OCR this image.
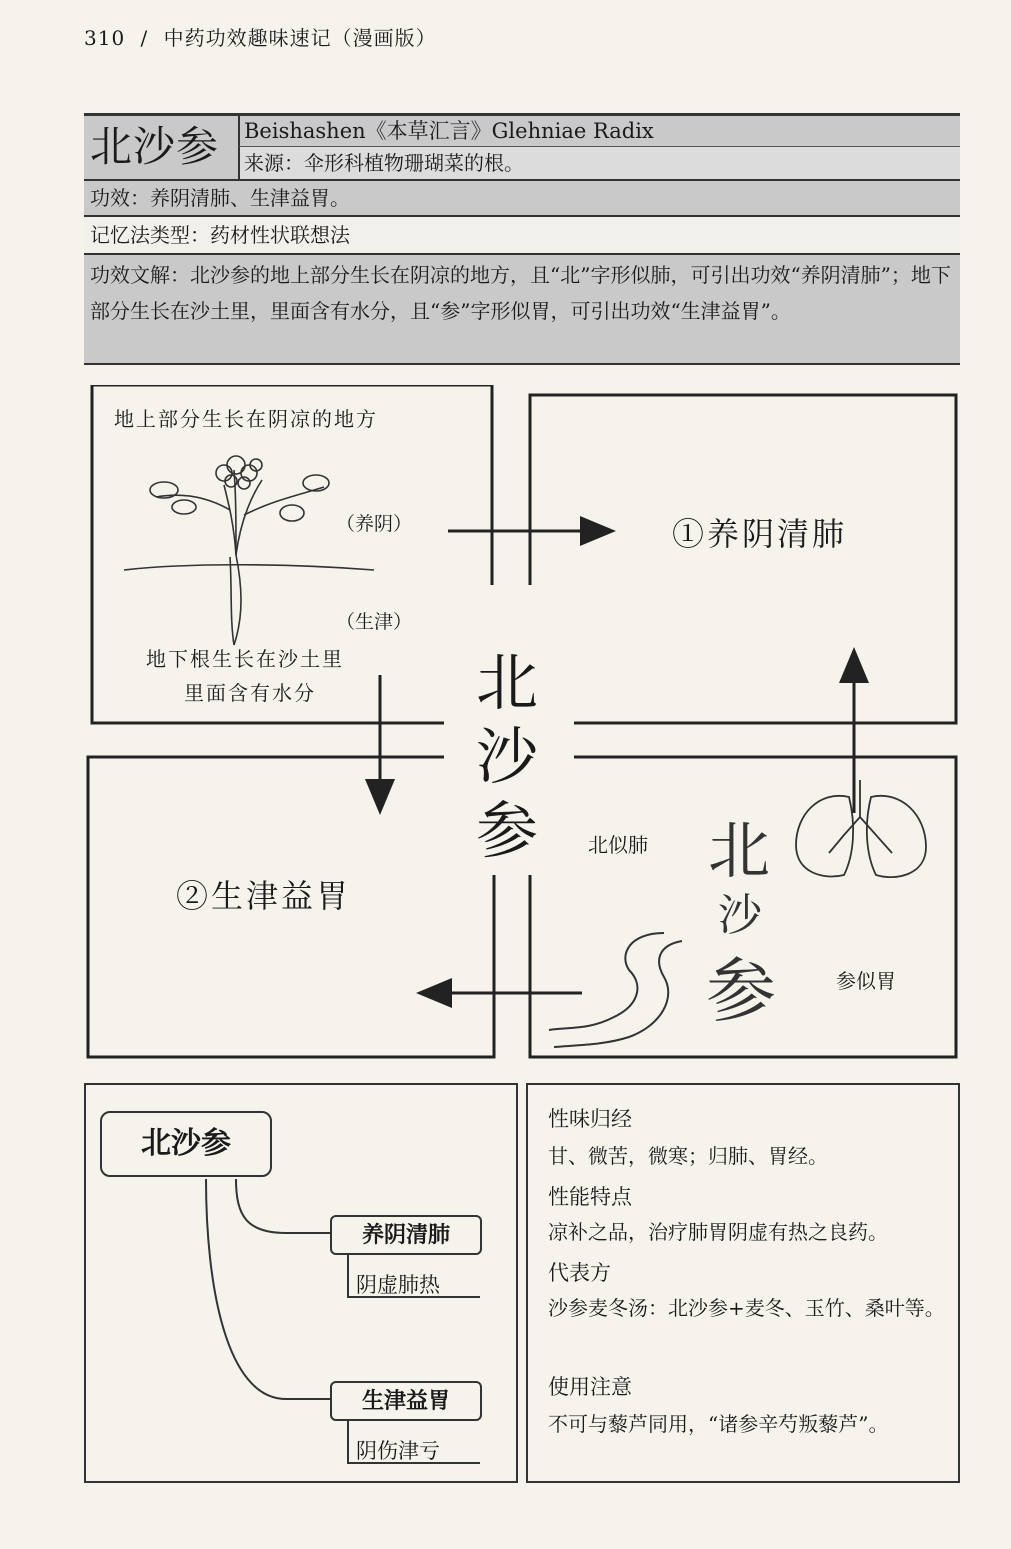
310 / 中药功效趣味速记（漫画版）
北沙参	Beishashen《本草汇言》Glehniae Radix
来源：伞形科植物珊瑚菜的根。
功效：养阴清肺、生津益胃。
记忆法类型：药材性状联想法
功效文解：北沙参的地上部分生长在阴凉的地方，且“北”字形似肺，可引出功效“养阴清肺”；地下部分生长在沙土里，里面含有水分，且“参”字形似胃，可引出功效“生津益胃”。
地上部分生长在阴凉的地方
（养阴）
（生津）
地下根生长在沙土里
里面含有水分
①养阴清肺
②生津益胃
北
沙
参 北似肺
参似胃
北
沙
参
北沙参
养阴清肺
阴虚肺热
生津益胃
阴伤津亏
性味归经
甘、微苦，微寒；归肺、胃经。
性能特点
凉补之品，治疗肺胃阴虚有热之良药。
代表方
沙参麦冬汤：北沙参+麦冬、玉竹、桑叶等。
使用注意
不可与藜芦同用，“诸参辛芍叛藜芦”。
